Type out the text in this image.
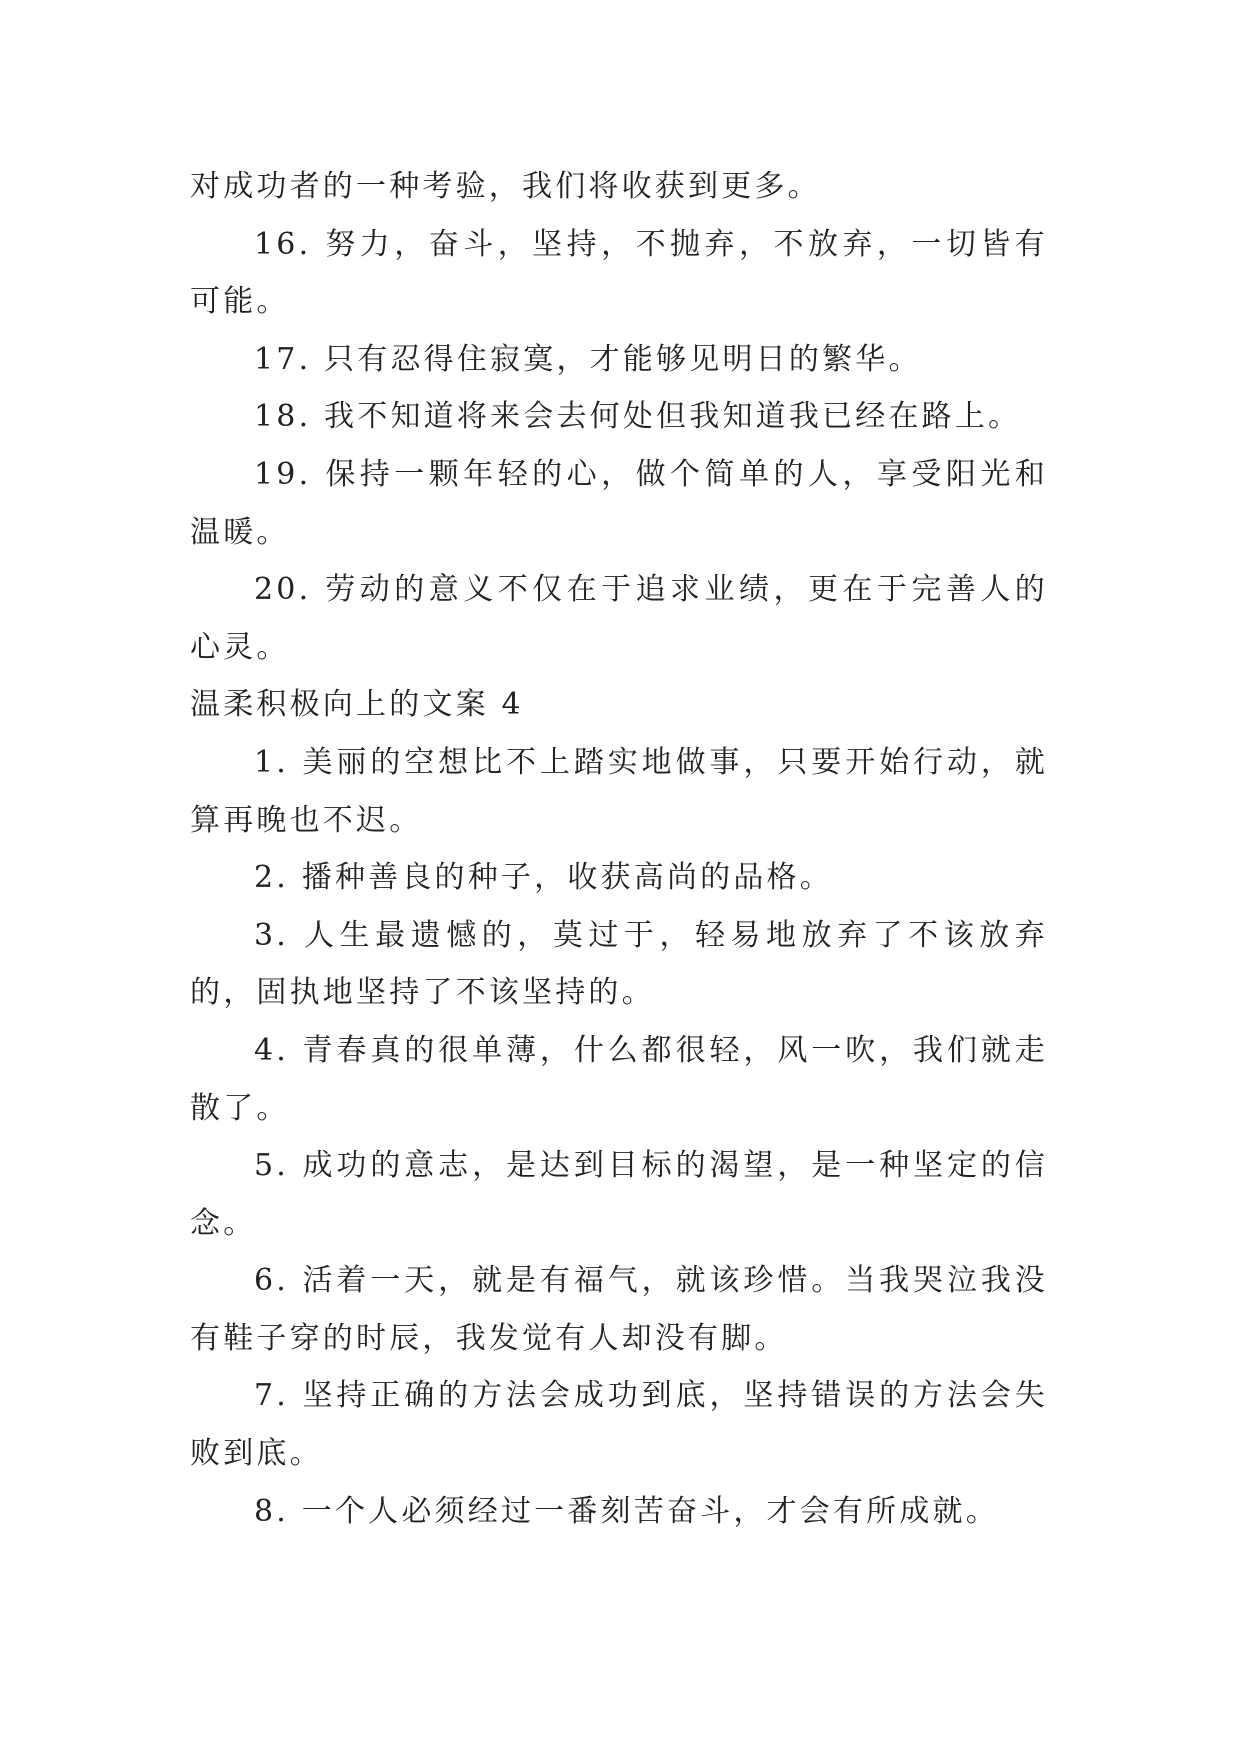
对成功者的一种考验，我们将收获到更多。

16. 努力，奋斗，坚持，不抛弃，不放弃，一切皆有可能。

17. 只有忍得住寂寞，才能够见明日的繁华。

18. 我不知道将来会去何处但我知道我已经在路上。

19. 保持一颗年轻的心，做个简单的人，享受阳光和温暖。

20. 劳动的意义不仅在于追求业绩，更在于完善人的心灵。

温柔积极向上的文案 4

1. 美丽的空想比不上踏实地做事，只要开始行动，就算再晚也不迟。

2. 播种善良的种子，收获高尚的品格。

3. 人生最遗憾的，莫过于，轻易地放弃了不该放弃的，固执地坚持了不该坚持的。

4. 青春真的很单薄，什么都很轻，风一吹，我们就走散了。

5. 成功的意志，是达到目标的渴望，是一种坚定的信念。

6. 活着一天，就是有福气，就该珍惜。当我哭泣我没有鞋子穿的时辰，我发觉有人却没有脚。

7. 坚持正确的方法会成功到底，坚持错误的方法会失败到底。

8. 一个人必须经过一番刻苦奋斗，才会有所成就。
